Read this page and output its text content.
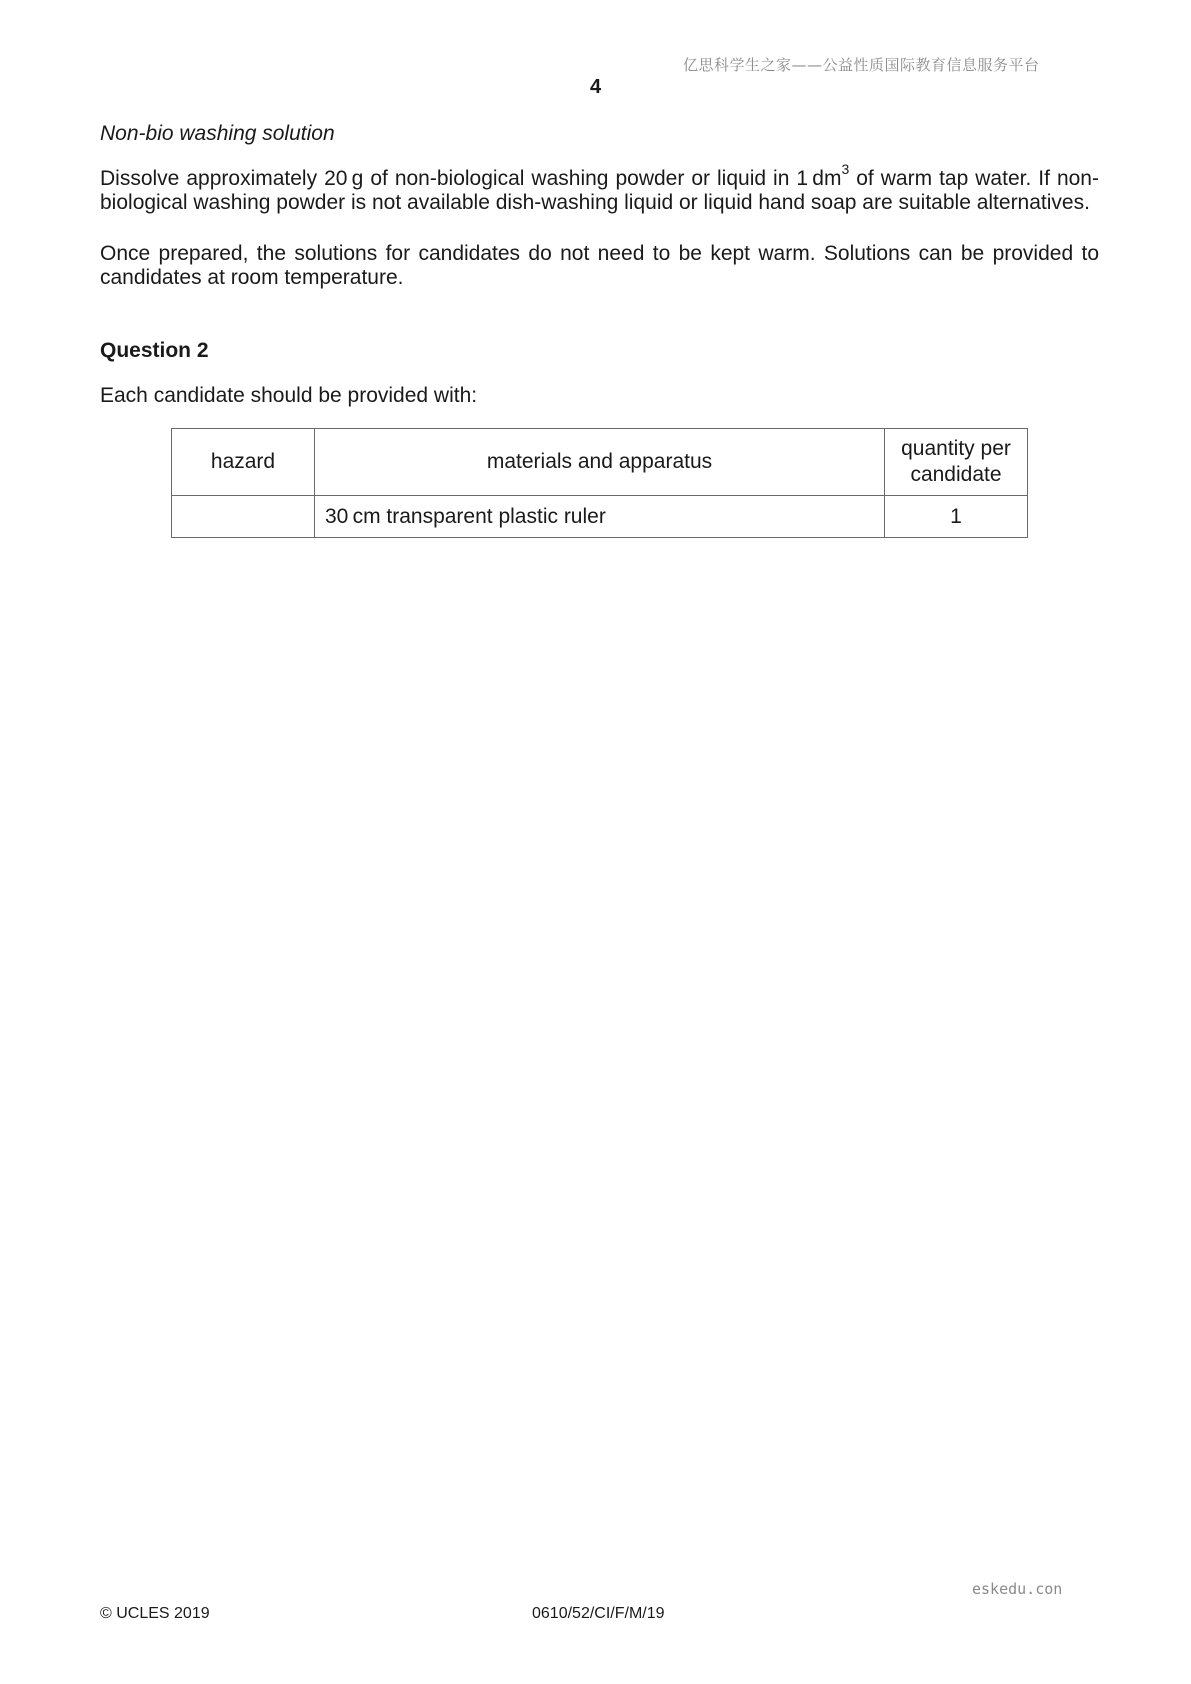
亿思科学生之家——公益性质国际教育信息服务平台
4

Non-bio washing solution

Dissolve approximately 20 g of non-biological washing powder or liquid in 1 $dm^3$ of warm tap water. If non-biological washing powder is not available dish-washing liquid or liquid hand soap are suitable alternatives.

Once prepared, the solutions for candidates do not need to be kept warm. Solutions can be provided to candidates at room temperature.

Question 2

Each candidate should be provided with:

hazard	materials and apparatus	quantity per candidate
	30 cm transparent plastic ruler	1
eskedu.con
© UCLES 2019	0610/52/CI/F/M/19
